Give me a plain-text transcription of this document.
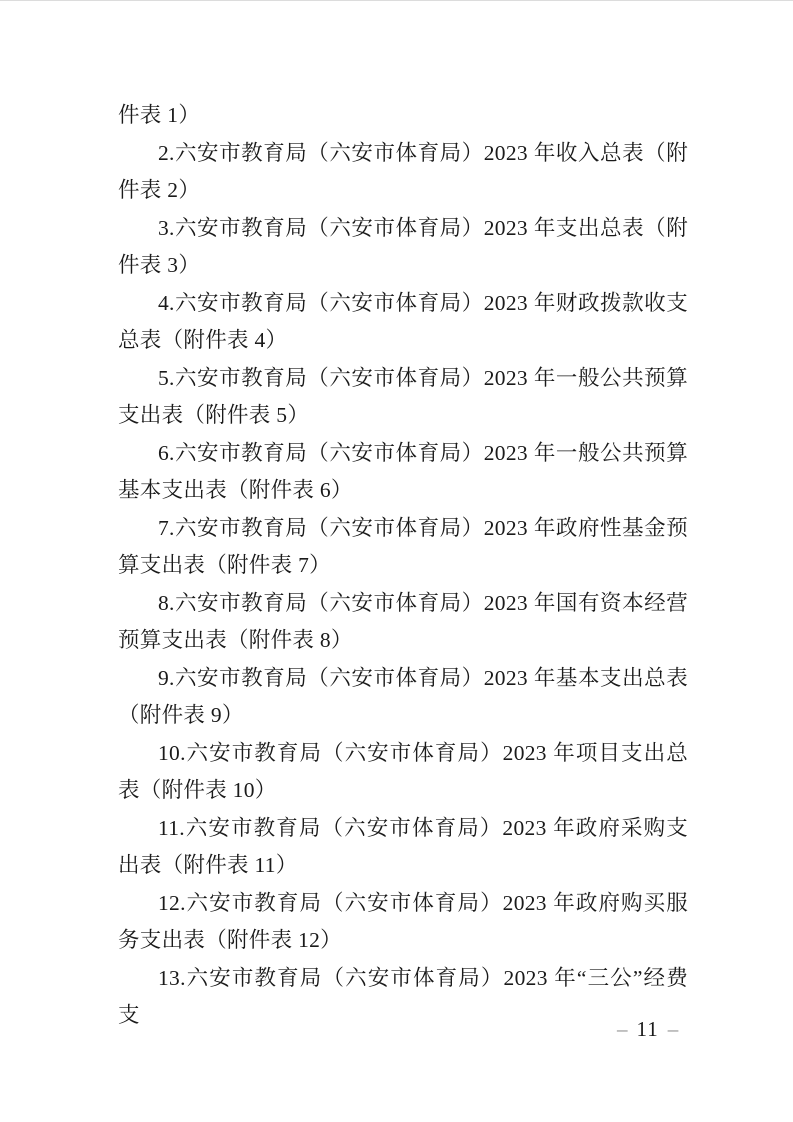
件表 1）
2.六安市教育局（六安市体育局）2023 年收入总表（附
件表 2）
3.六安市教育局（六安市体育局）2023 年支出总表（附
件表 3）
4.六安市教育局（六安市体育局）2023 年财政拨款收支
总表（附件表 4）
5.六安市教育局（六安市体育局）2023 年一般公共预算
支出表（附件表 5）
6.六安市教育局（六安市体育局）2023 年一般公共预算
基本支出表（附件表 6）
7.六安市教育局（六安市体育局）2023 年政府性基金预
算支出表（附件表 7）
8.六安市教育局（六安市体育局）2023 年国有资本经营
预算支出表（附件表 8）
9.六安市教育局（六安市体育局）2023 年基本支出总表
（附件表 9）
10.六安市教育局（六安市体育局）2023 年项目支出总
表（附件表 10）
11.六安市教育局（六安市体育局）2023 年政府采购支
出表（附件表 11）
12.六安市教育局（六安市体育局）2023 年政府购买服
务支出表（附件表 12）
13.六安市教育局（六安市体育局）2023 年“三公”经费支
– 11 –
